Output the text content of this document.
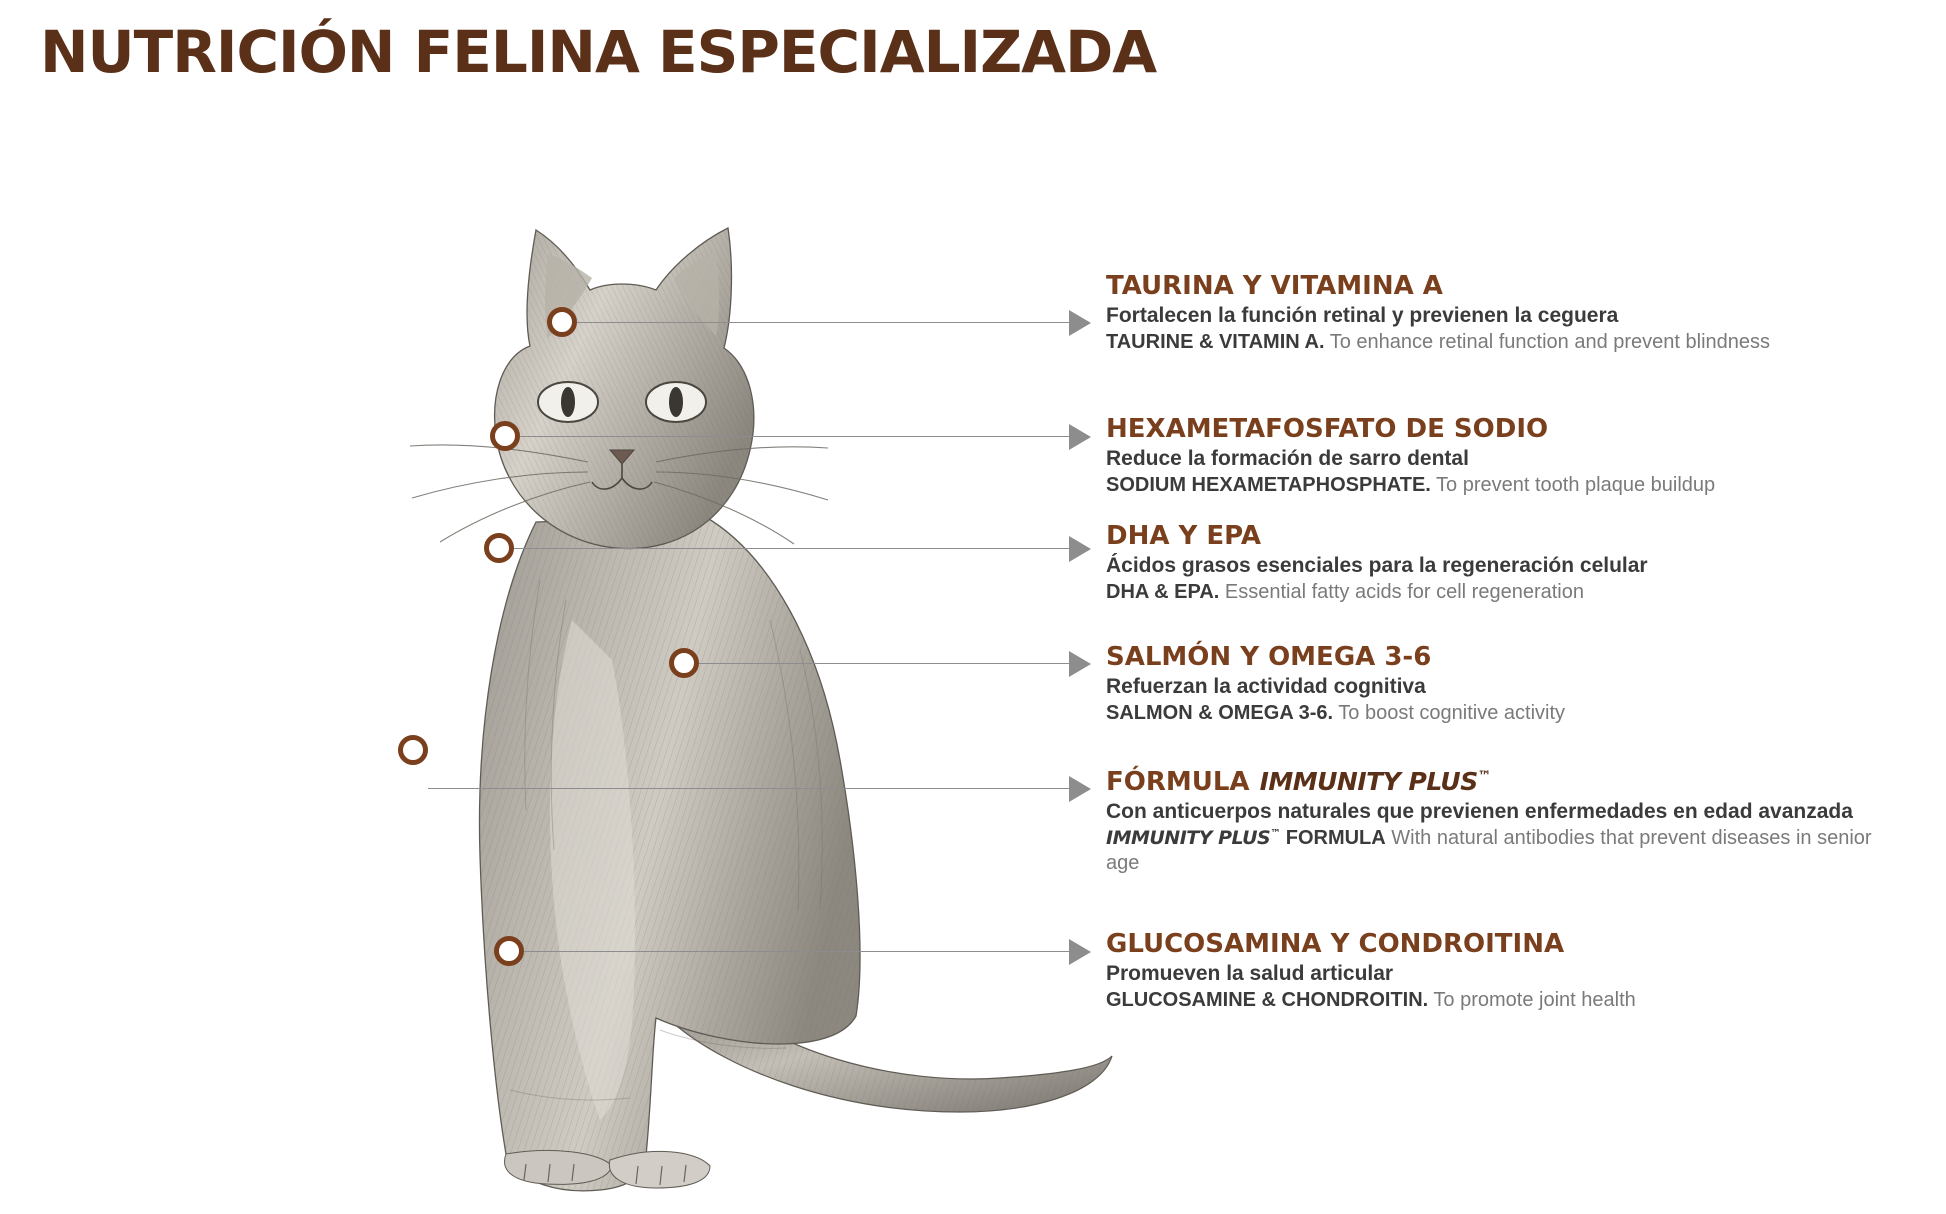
NUTRICIÓN FELINA ESPECIALIZADA
TAURINA Y VITAMINA A
Fortalecen la función retinal y previenen la ceguera
TAURINE & VITAMIN A. To enhance retinal function and prevent blindness
HEXAMETAFOSFATO DE SODIO
Reduce la formación de sarro dental
SODIUM HEXAMETAPHOSPHATE. To prevent tooth plaque buildup
DHA Y EPA
Ácidos grasos esenciales para la regeneración celular
DHA & EPA. Essential fatty acids for cell regeneration
SALMÓN Y OMEGA 3-6
Refuerzan la actividad cognitiva
SALMON & OMEGA 3-6. To boost cognitive activity
FÓRMULA IMMUNITY PLUS™
Con anticuerpos naturales que previenen enfermedades en edad avanzada
IMMUNITY PLUS™ FORMULA With natural antibodies that prevent diseases in senior age
GLUCOSAMINA Y CONDROITINA
Promueven la salud articular
GLUCOSAMINE & CHONDROITIN. To promote joint health
